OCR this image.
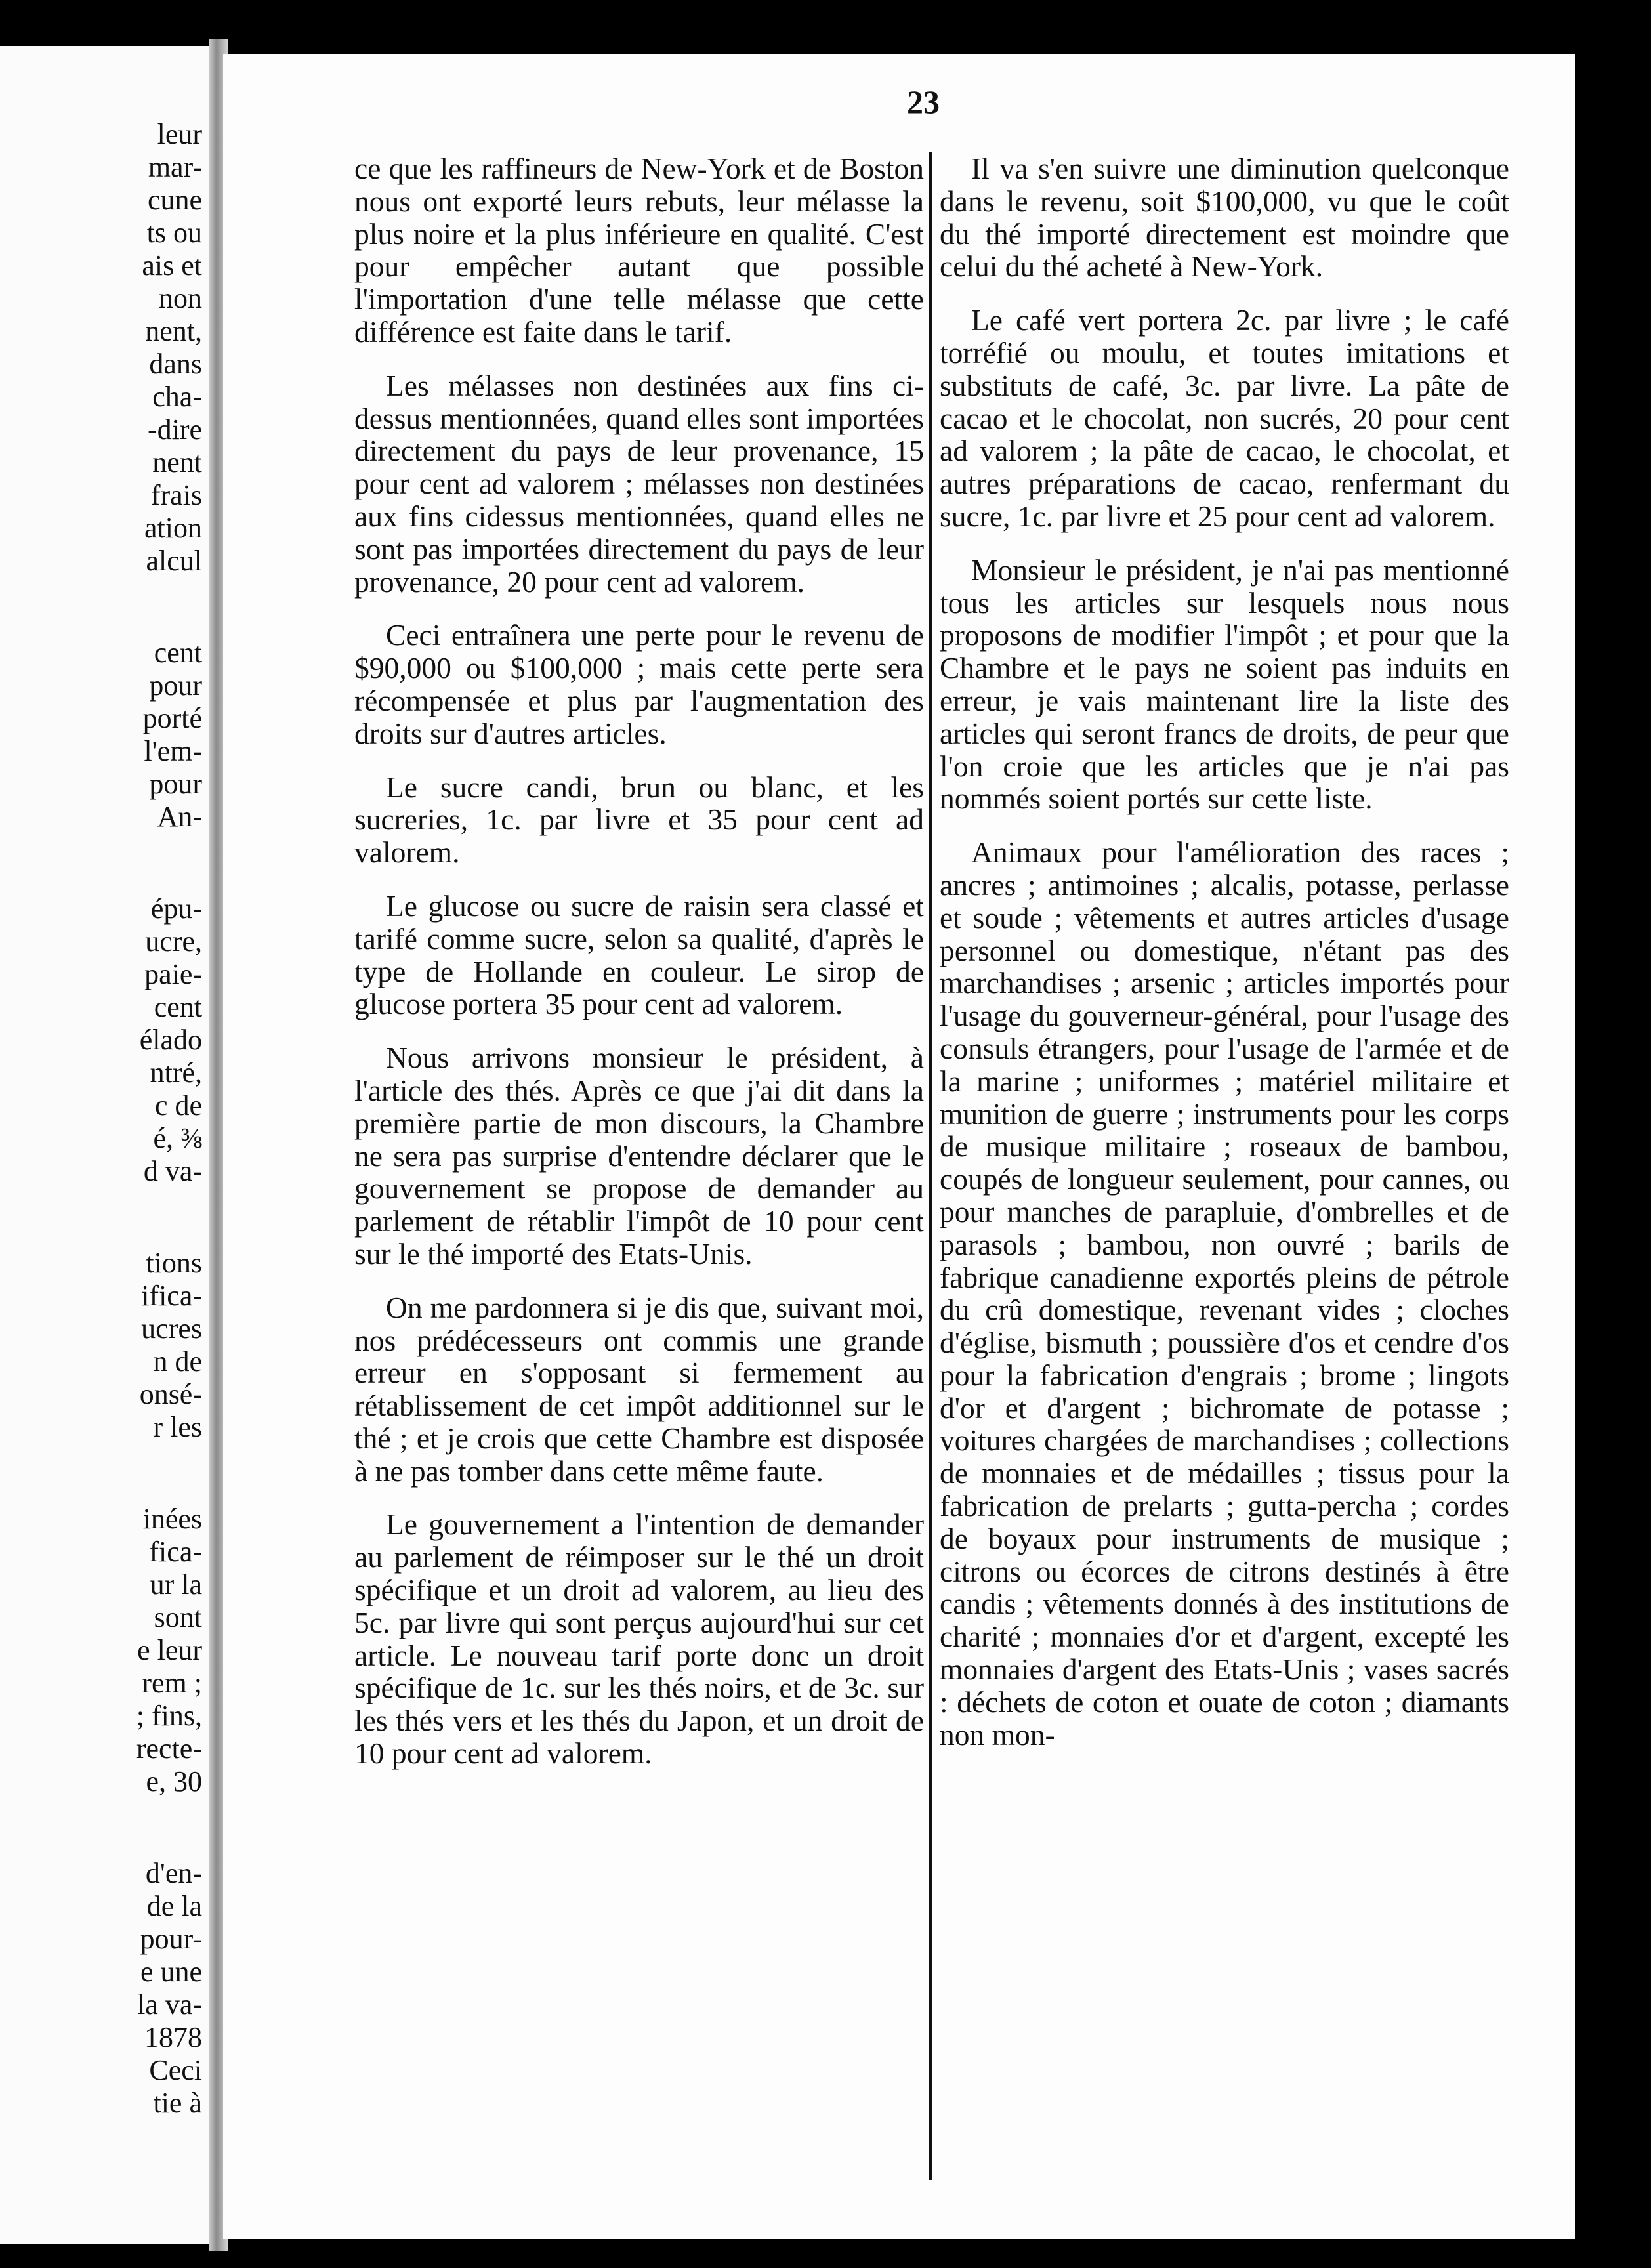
leur
mar-
cune
ts ou
ais et
non
nent,
dans
cha-
-dire
nent
frais
ation
alcul
cent
pour
porté
l'em-
pour
An-
épu-
ucre,
paie-
cent
élado
ntré,
c de
é, ⅜
d va-
tions
ifica-
ucres
n de
onsé-
r les
inées
fica-
ur la
sont
e leur
rem ;
; fins,
recte-
e, 30
d'en-
de la
pour-
e une
la va-
1878
Ceci
tie à
23

ce que les raffineurs de New-York et de Boston nous ont exporté leurs rebuts, leur mélasse la plus noire et la plus inférieure en qualité. C'est pour empêcher autant que possible l'importation d'une telle mélasse que cette différence est faite dans le tarif.

Les mélasses non destinées aux fins ci-dessus mentionnées, quand elles sont importées directement du pays de leur provenance, 15 pour cent ad valorem ; mélasses non destinées aux fins cidessus mentionnées, quand elles ne sont pas importées directement du pays de leur provenance, 20 pour cent ad valorem.

Ceci entraînera une perte pour le revenu de $90,000 ou $100,000 ; mais cette perte sera récompensée et plus par l'augmentation des droits sur d'autres articles.

Le sucre candi, brun ou blanc, et les sucreries, 1c. par livre et 35 pour cent ad valorem.

Le glucose ou sucre de raisin sera classé et tarifé comme sucre, selon sa qualité, d'après le type de Hollande en couleur. Le sirop de glucose portera 35 pour cent ad valorem.

Nous arrivons monsieur le président, à l'article des thés. Après ce que j'ai dit dans la première partie de mon discours, la Chambre ne sera pas surprise d'entendre déclarer que le gouvernement se propose de demander au parlement de rétablir l'impôt de 10 pour cent sur le thé importé des Etats-Unis.

On me pardonnera si je dis que, suivant moi, nos prédécesseurs ont commis une grande erreur en s'opposant si fermement au rétablissement de cet impôt additionnel sur le thé ; et je crois que cette Chambre est disposée à ne pas tomber dans cette même faute.

Le gouvernement a l'intention de demander au parlement de réimposer sur le thé un droit spécifique et un droit ad valorem, au lieu des 5c. par livre qui sont perçus aujourd'hui sur cet article. Le nouveau tarif porte donc un droit spécifique de 1c. sur les thés noirs, et de 3c. sur les thés vers et les thés du Japon, et un droit de 10 pour cent ad valorem.

Il va s'en suivre une diminution quelconque dans le revenu, soit $100,000, vu que le coût du thé importé directement est moindre que celui du thé acheté à New-York.

Le café vert portera 2c. par livre ; le café torréfié ou moulu, et toutes imitations et substituts de café, 3c. par livre. La pâte de cacao et le chocolat, non sucrés, 20 pour cent ad valorem ; la pâte de cacao, le chocolat, et autres préparations de cacao, renfermant du sucre, 1c. par livre et 25 pour cent ad valorem.

Monsieur le président, je n'ai pas mentionné tous les articles sur lesquels nous nous proposons de modifier l'impôt ; et pour que la Chambre et le pays ne soient pas induits en erreur, je vais maintenant lire la liste des articles qui seront francs de droits, de peur que l'on croie que les articles que je n'ai pas nommés soient portés sur cette liste.

Animaux pour l'amélioration des races ; ancres ; antimoines ; alcalis, potasse, perlasse et soude ; vêtements et autres articles d'usage personnel ou domestique, n'étant pas des marchandises ; arsenic ; articles importés pour l'usage du gouverneur-général, pour l'usage des consuls étrangers, pour l'usage de l'armée et de la marine ; uniformes ; matériel militaire et munition de guerre ; instruments pour les corps de musique militaire ; roseaux de bambou, coupés de longueur seulement, pour cannes, ou pour manches de parapluie, d'ombrelles et de parasols ; bambou, non ouvré ; barils de fabrique canadienne exportés pleins de pétrole du crû domestique, revenant vides ; cloches d'église, bismuth ; poussière d'os et cendre d'os pour la fabrication d'engrais ; brome ; lingots d'or et d'argent ; bichromate de potasse ; voitures chargées de marchandises ; collections de monnaies et de médailles ; tissus pour la fabrication de prelarts ; gutta-percha ; cordes de boyaux pour instruments de musique ; citrons ou écorces de citrons destinés à être candis ; vêtements donnés à des institutions de charité ; monnaies d'or et d'argent, excepté les monnaies d'argent des Etats-Unis ; vases sacrés : déchets de coton et ouate de coton ; diamants non mon-
